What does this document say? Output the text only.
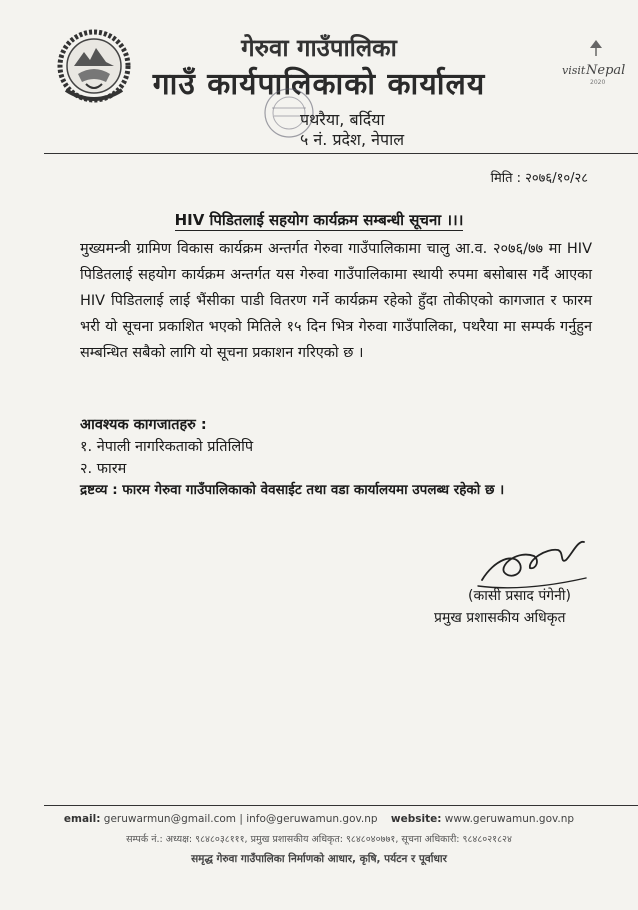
गेरुवा गाउँपालिका
गाउँ कार्यपालिकाको कार्यालय
पथरैया, बर्दिया
५ नं. प्रदेश, नेपाल
visit Nepal
2020
मिति : २०७६/१०/२८
HIV पिडितलाई सहयोग कार्यक्रम सम्बन्धी सूचना ।।।
मुख्यमन्त्री ग्रामिण विकास कार्यक्रम अन्तर्गत गेरुवा गाउँपालिकामा चालु आ.व. २०७६/७७ मा HIV पिडितलाई सहयोग कार्यक्रम अन्तर्गत यस गेरुवा गाउँपालिकामा स्थायी रुपमा बसोबास गर्दै आएका HIV पिडितलाई लाई भैंसीका पाडी वितरण गर्ने कार्यक्रम रहेको हुँदा तोकीएको कागजात र फारम भरी यो सूचना प्रकाशित भएको मितिले १५ दिन भित्र गेरुवा गाउँपालिका, पथरैया मा सम्पर्क गर्नुहुन सम्बन्धित सबैको लागि यो सूचना प्रकाशन गरिएको छ ।
आवश्यक कागजातहरु :
१. नेपाली नागरिकताको प्रतिलिपि
२. फारम
द्रष्टव्य : फारम गेरुवा गाउँपालिकाको वेवसाईट तथा वडा कार्यालयमा उपलब्ध रहेको छ ।
(कासी प्रसाद पंगेनी)
प्रमुख प्रशासकीय अधिकृत
email: geruwarmun@gmail.com | info@geruwamun.gov.np website: www.geruwamun.gov.np
सम्पर्क नं.: अध्यक्ष: ९८४८०३८१११, प्रमुख प्रशासकीय अधिकृत: ९८४८०४०७७१, सूचना अधिकारी: ९८४८०२१८२४
समृद्ध गेरुवा गाउँपालिका निर्माणको आधार, कृषि, पर्यटन र पूर्वाधार
